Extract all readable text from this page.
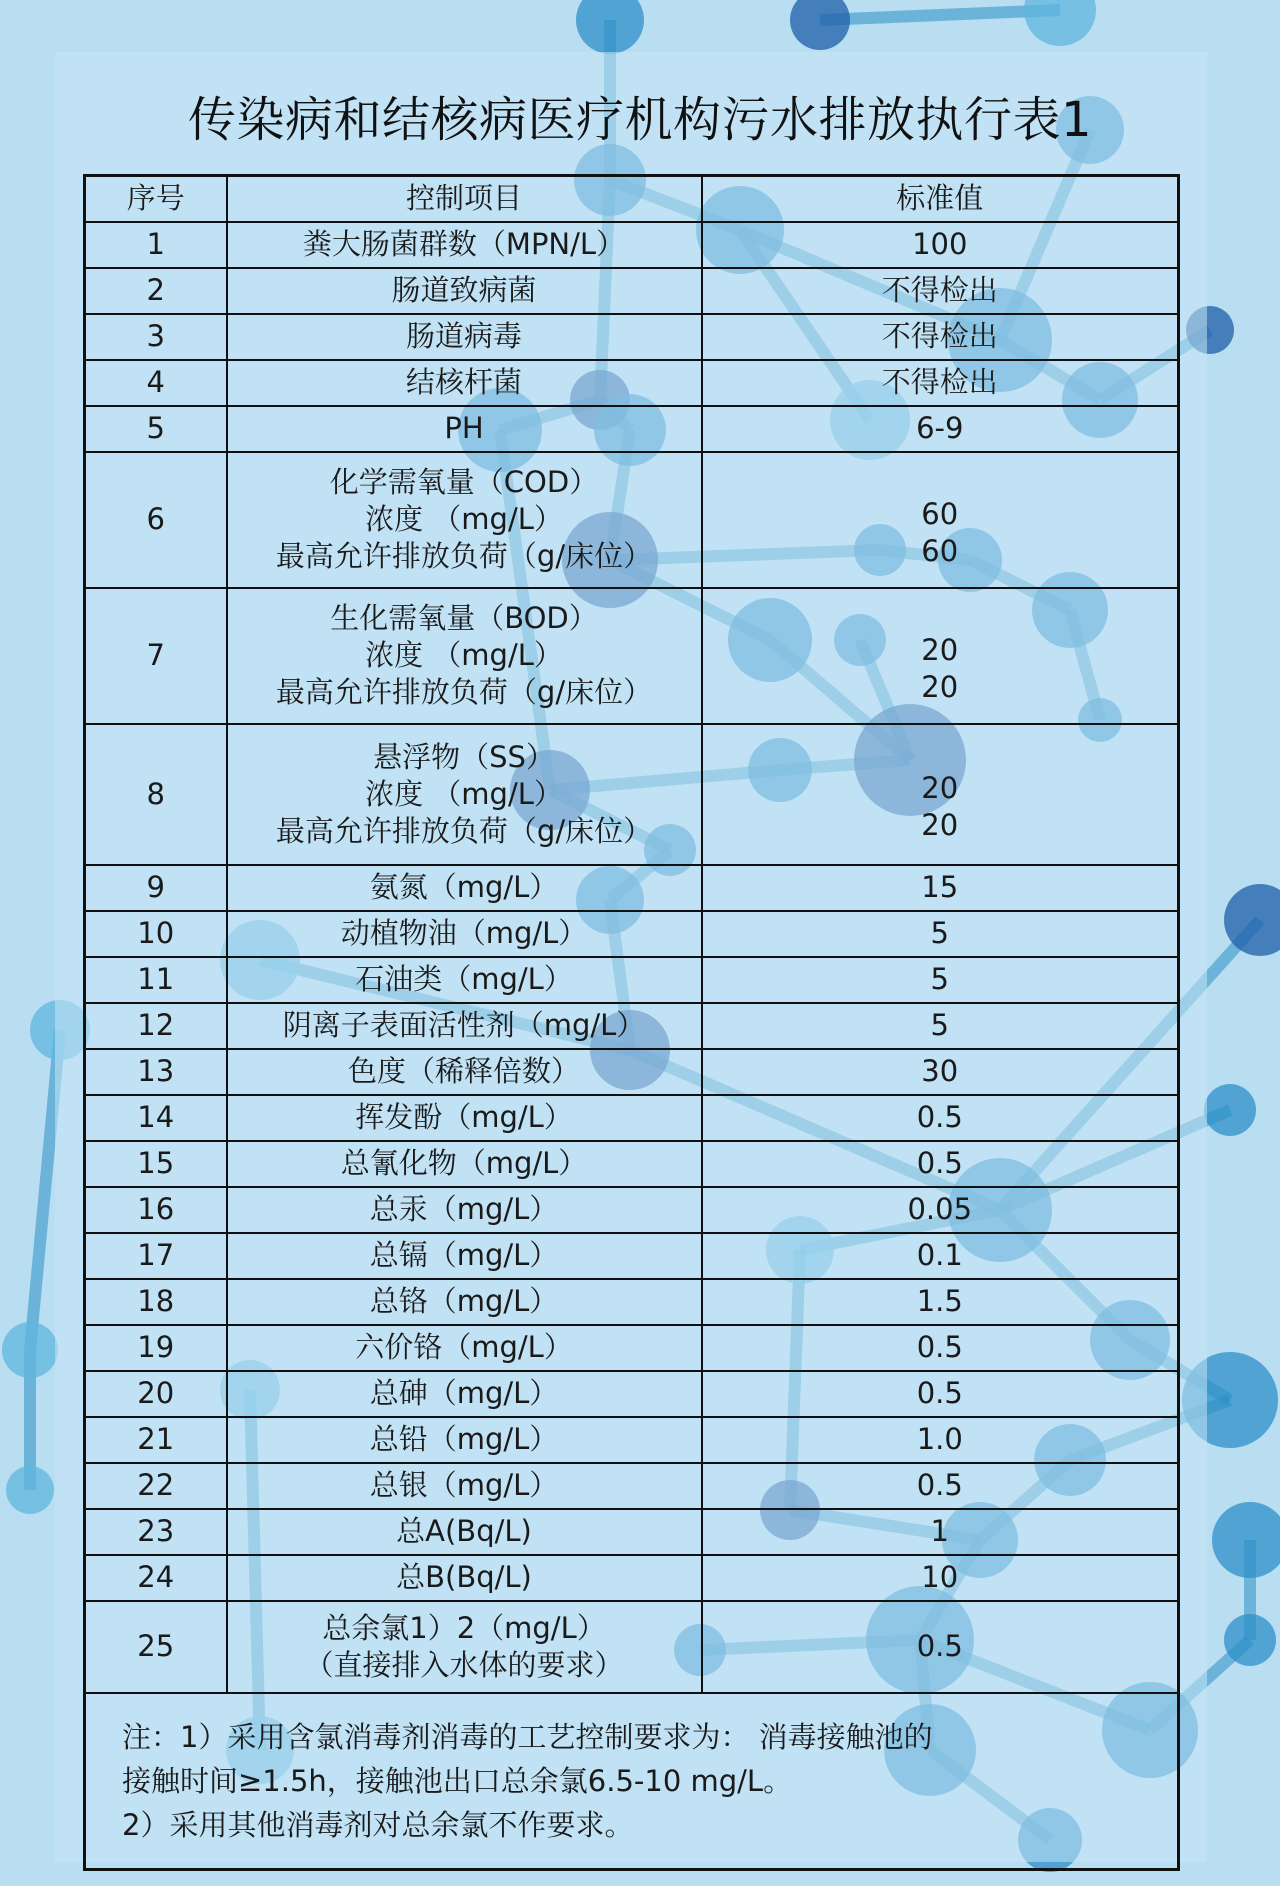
传染病和结核病医疗机构污水排放执行表1
序号	控制项目	标准值
1	粪大肠菌群数（MPN/L）	100

2	肠道致病菌	不得检出

3	肠道病毒	不得检出

4	结核杆菌	不得检出

5	PH	6-9

6	化学需氧量（COD）
浓度 （mg/L）
最高允许排放负荷（g/床位）	60
60

7	生化需氧量（BOD）
浓度 （mg/L）
最高允许排放负荷（g/床位）	20
20

8	悬浮物（SS）
浓度 （mg/L）
最高允许排放负荷（g/床位）	20
20

9	氨氮（mg/L）	15

10	动植物油（mg/L）	5

11	石油类（mg/L）	5

12	阴离子表面活性剂（mg/L）	5

13	色度（稀释倍数）	30

14	挥发酚（mg/L）	0.5

15	总氰化物（mg/L）	0.5

16	总汞（mg/L）	0.05

17	总镉（mg/L）	0.1

18	总铬（mg/L）	1.5

19	六价铬（mg/L）	0.5

20	总砷（mg/L）	0.5

21	总铅（mg/L）	1.0

22	总银（mg/L）	0.5

23	总A(Bq/L)	1

24	总B(Bq/L)	10

25	总余氯1）2（mg/L）
（直接排入水体的要求）	0.5

注：1）采用含氯消毒剂消毒的工艺控制要求为： 消毒接触池的
接触时间≥1.5h，接触池出口总余氯6.5-10 mg/L。
2）采用其他消毒剂对总余氯不作要求。		
